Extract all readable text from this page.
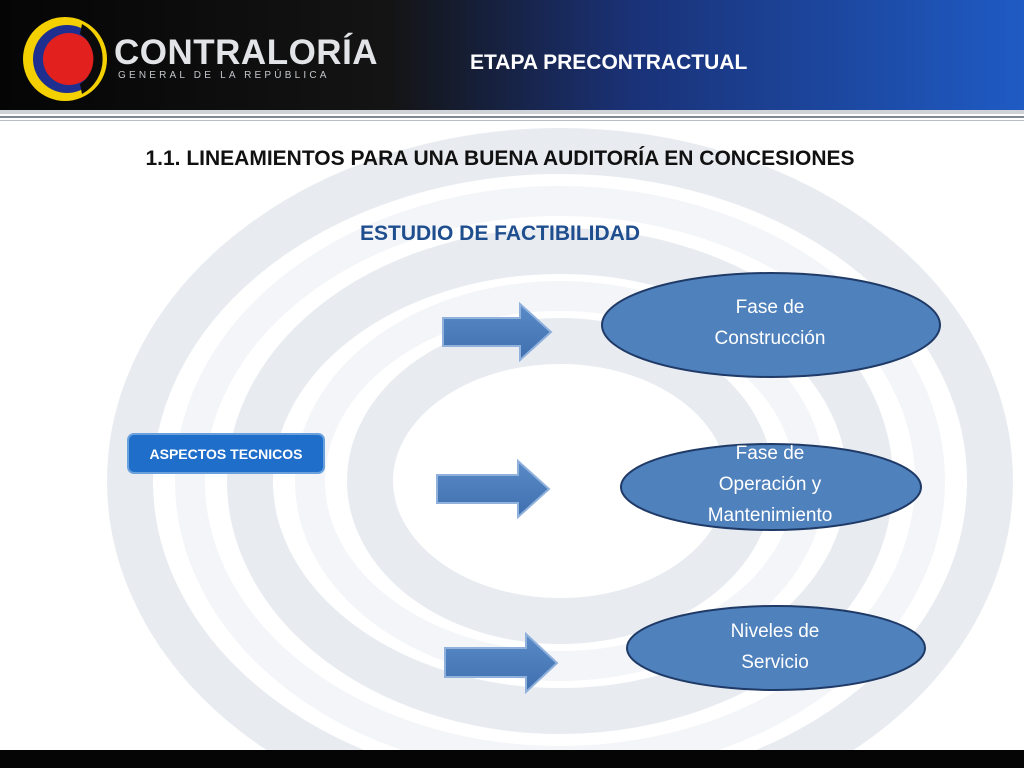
CONTRALORÍA

GENERAL DE LA REPÚBLICA

ETAPA PRECONTRACTUAL

1.1. LINEAMIENTOS PARA UNA BUENA AUDITORÍA EN CONCESIONES
ESTUDIO DE FACTIBILIDAD
ASPECTOS TECNICOS
Fase de
Construcción
Fase de
Operación y
Mantenimiento
Niveles de
Servicio
